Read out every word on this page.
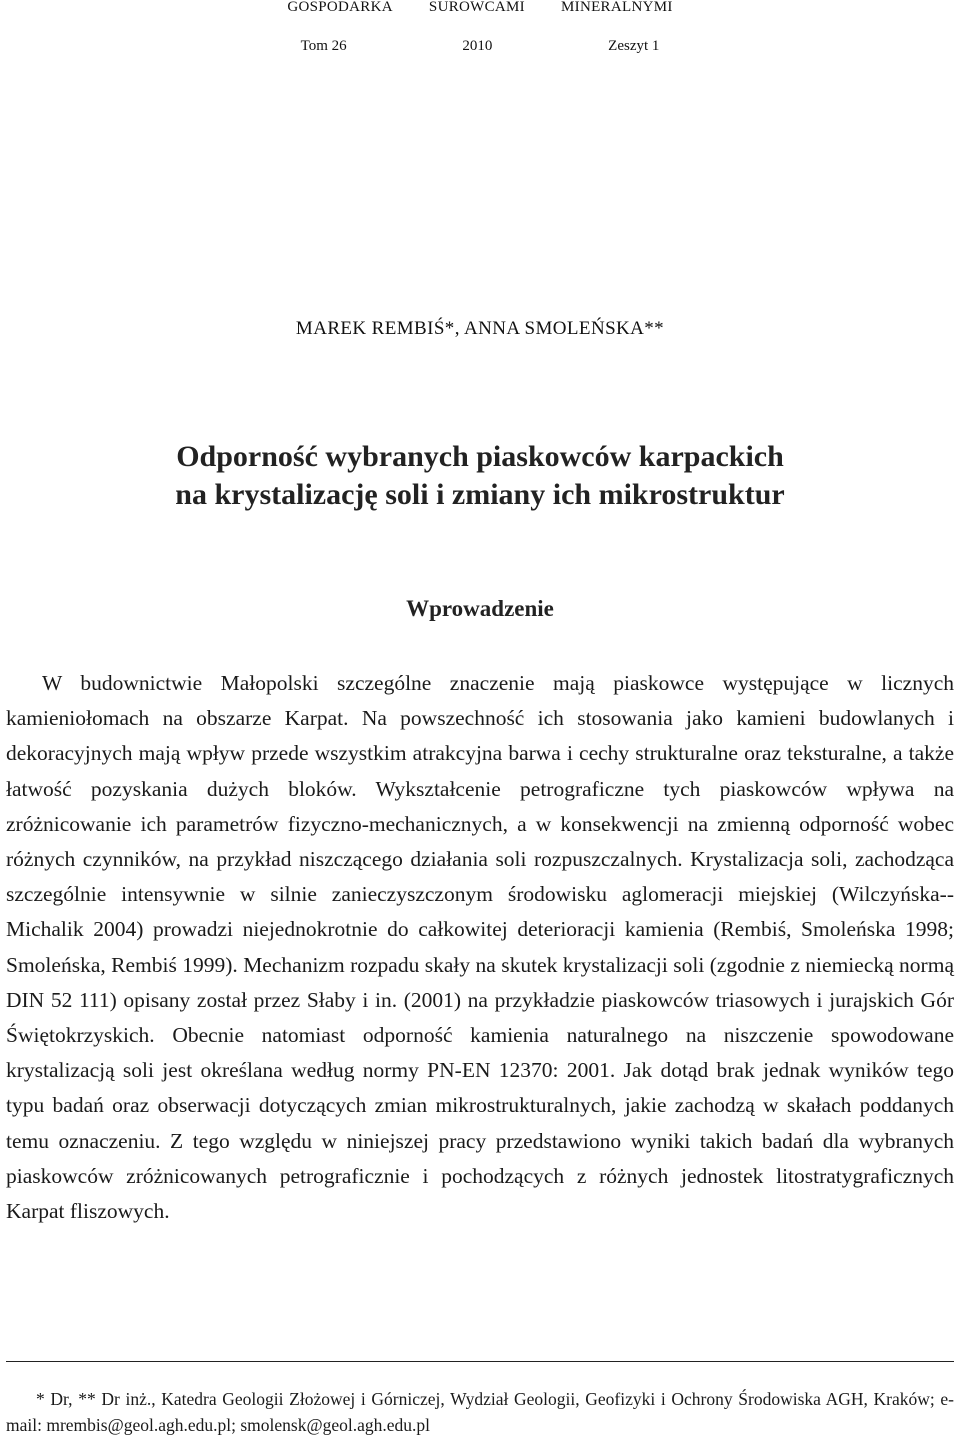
GOSPODARKA SUROWCAMI MINERALNYMI
Tom 26	2010	Zeszyt 1
MAREK REMBIŚ*, ANNA SMOLEŃSKA**
Odporność wybranych piaskowców karpackich
na krystalizację soli i zmiany ich mikrostruktur
Wprowadzenie

W budownictwie Małopolski szczególne znaczenie mają piaskowce występujące w licznych kamieniołomach na obszarze Karpat. Na powszechność ich stosowania jako kamieni budowlanych i dekoracyjnych mają wpływ przede wszystkim atrakcyjna barwa i cechy strukturalne oraz teksturalne, a także łatwość pozyskania dużych bloków. Wykształcenie petrograficzne tych piaskowców wpływa na zróżnicowanie ich parametrów fizyczno-mechanicznych, a w konsekwencji na zmienną odporność wobec różnych czynników, na przykład niszczącego działania soli rozpuszczalnych. Krystalizacja soli, zachodząca szczególnie intensywnie w silnie zanieczyszczonym środowisku aglomeracji miejskiej (Wilczyńska-​-Michalik 2004) prowadzi niejednokrotnie do całkowitej deterioracji kamienia (Rembiś, Smoleńska 1998; Smoleńska, Rembiś 1999). Mechanizm rozpadu skały na skutek krystalizacji soli (zgodnie z niemiecką normą DIN 52 111) opisany został przez Słaby i in. (2001) na przykładzie piaskowców triasowych i jurajskich Gór Świętokrzyskich. Obecnie natomiast odporność kamienia naturalnego na niszczenie spowodowane krystalizacją soli jest określana według normy PN-EN 12370: 2001. Jak dotąd brak jednak wyników tego typu badań oraz obserwacji dotyczących zmian mikrostrukturalnych, jakie zachodzą w skałach poddanych temu oznaczeniu. Z tego względu w niniejszej pracy przedstawiono wyniki takich badań dla wybranych piaskowców zróżnicowanych petrograficznie i pochodzących z różnych jednostek litostratygraficznych Karpat fliszowych.

* Dr, ** Dr inż., Katedra Geologii Złożowej i Górniczej, Wydział Geologii, Geofizyki i Ochrony Środowiska AGH, Kraków; e-mail: mrembis@geol.agh.edu.pl; smolensk@geol.agh.edu.pl
